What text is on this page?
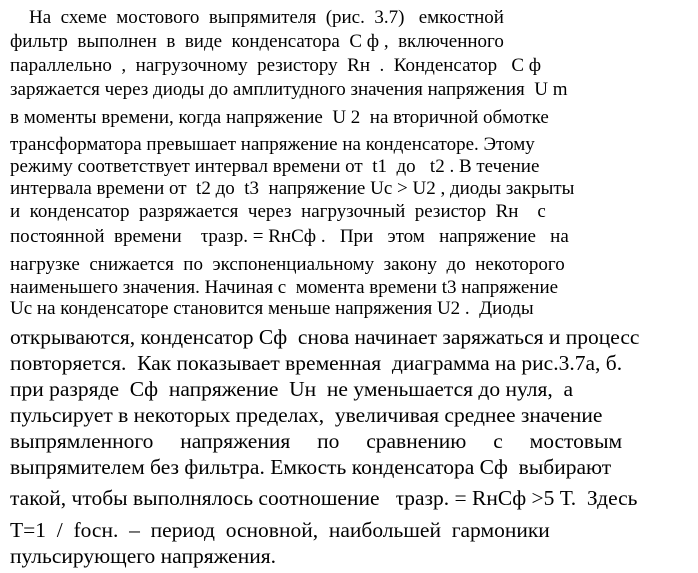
На  схеме  мостового  выпрямителя  (рис.  3.7)   емкостной
фильтр  выполнен  в  виде  конденсатора  С ф ,  включенного
параллельно  ,  нагрузочному  резистору  Rн  .  Конденсатор   С ф
заряжается через диоды до амплитудного значения напряжения  U m
в моменты времени, когда напряжение  U 2  на вторичной обмотке
трансформатора превышает напряжение на конденсаторе. Этому
режиму соответствует интервал времени от  t1  до   t2 . В течение
интервала времени от  t2 до  t3  напряжение Uс > U2 , диоды закрыты
и  конденсатор  разряжается  через  нагрузочный  резистор  Rн    с
постоянной  времени    τразр. = RнСф .   При   этом   напряжение   на
нагрузке  снижается  по  экспоненциальному  закону  до  некоторого
наименьшего значения. Начиная с  момента времени t3 напряжение
Uс на конденсаторе становится меньше напряжения U2 .  Диоды
открываются, конденсатор Сф  снова начинает заряжаться и процесс
повторяется.  Как показывает временная  диаграмма на рис.3.7а, б.
при разряде  Сф  напряжение  Uн  не уменьшается до нуля,  а
пульсирует в некоторых пределах,  увеличивая среднее значение
выпрямленного     напряжения     по     сравнению     с     мостовым
выпрямителем без фильтра. Емкость конденсатора Сф  выбирают
такой, чтобы выполнялось соотношение   τразр. = RнСф >5 Т.  Здесь
Т=1  /  fосн.  –  период  основной,  наибольшей  гармоники
пульсирующего напряжения.
